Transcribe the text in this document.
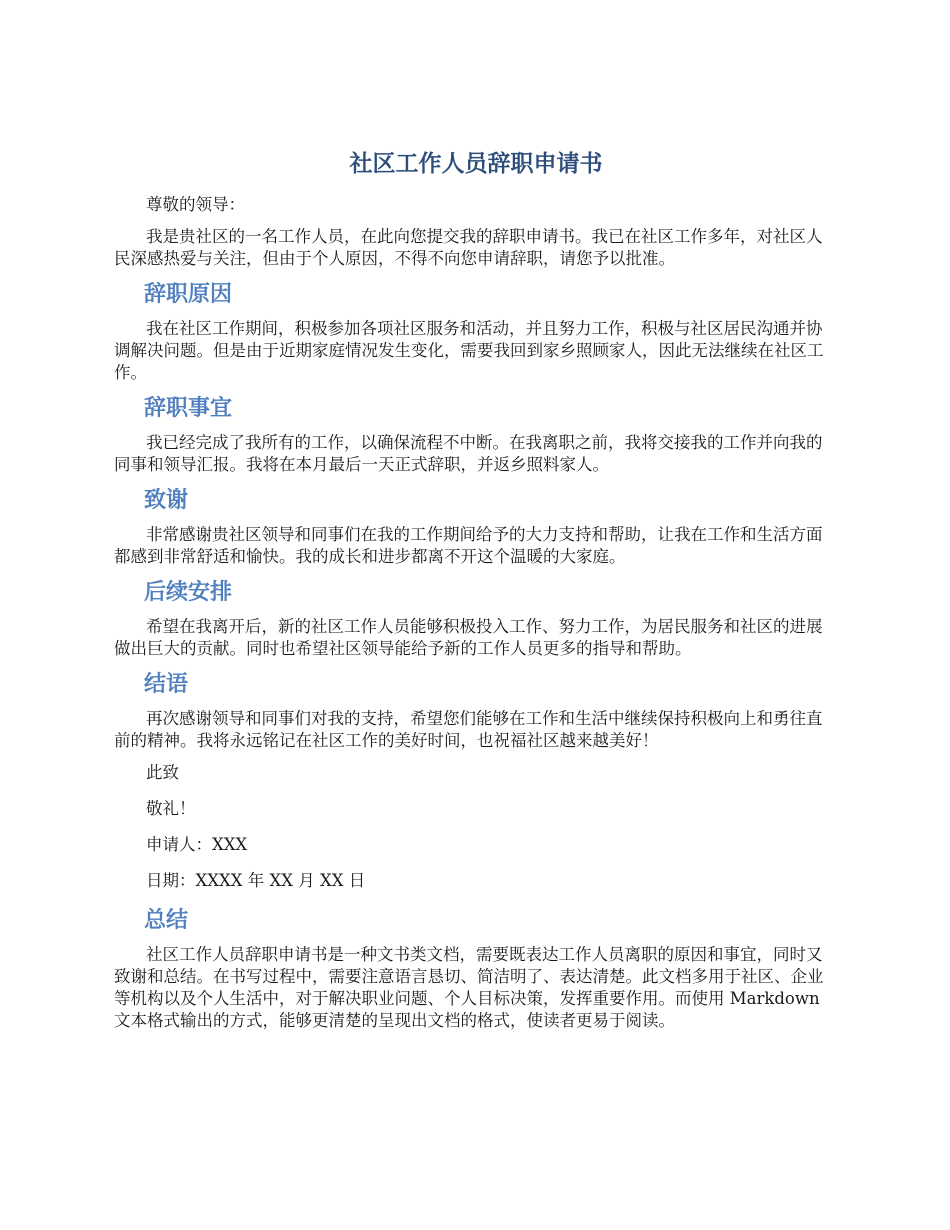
社区工作人员辞职申请书

尊敬的领导：

我是贵社区的一名工作人员，在此向您提交我的辞职申请书。我已在社区工作多年，对社区人民深感热爱与关注，但由于个人原因，不得不向您申请辞职，请您予以批准。

辞职原因

我在社区工作期间，积极参加各项社区服务和活动，并且努力工作，积极与社区居民沟通并协调解决问题。但是由于近期家庭情况发生变化，需要我回到家乡照顾家人，因此无法继续在社区工作。

辞职事宜

我已经完成了我所有的工作，以确保流程不中断。在我离职之前，我将交接我的工作并向我的同事和领导汇报。我将在本月最后一天正式辞职，并返乡照料家人。

致谢

非常感谢贵社区领导和同事们在我的工作期间给予的大力支持和帮助，让我在工作和生活方面都感到非常舒适和愉快。我的成长和进步都离不开这个温暖的大家庭。

后续安排

希望在我离开后，新的社区工作人员能够积极投入工作、努力工作，为居民服务和社区的进展做出巨大的贡献。同时也希望社区领导能给予新的工作人员更多的指导和帮助。

结语

再次感谢领导和同事们对我的支持，希望您们能够在工作和生活中继续保持积极向上和勇往直前的精神。我将永远铭记在社区工作的美好时间，也祝福社区越来越美好！

此致

敬礼！

申请人：XXX

日期：XXXX 年 XX 月 XX 日

总结

社区工作人员辞职申请书是一种文书类文档，需要既表达工作人员离职的原因和事宜，同时又致谢和总结。在书写过程中，需要注意语言恳切、简洁明了、表达清楚。此文档多用于社区、企业等机构以及个人生活中，对于解决职业问题、个人目标决策，发挥重要作用。而使用 Markdown 文本格式输出的方式，能够更清楚的呈现出文档的格式，使读者更易于阅读。
